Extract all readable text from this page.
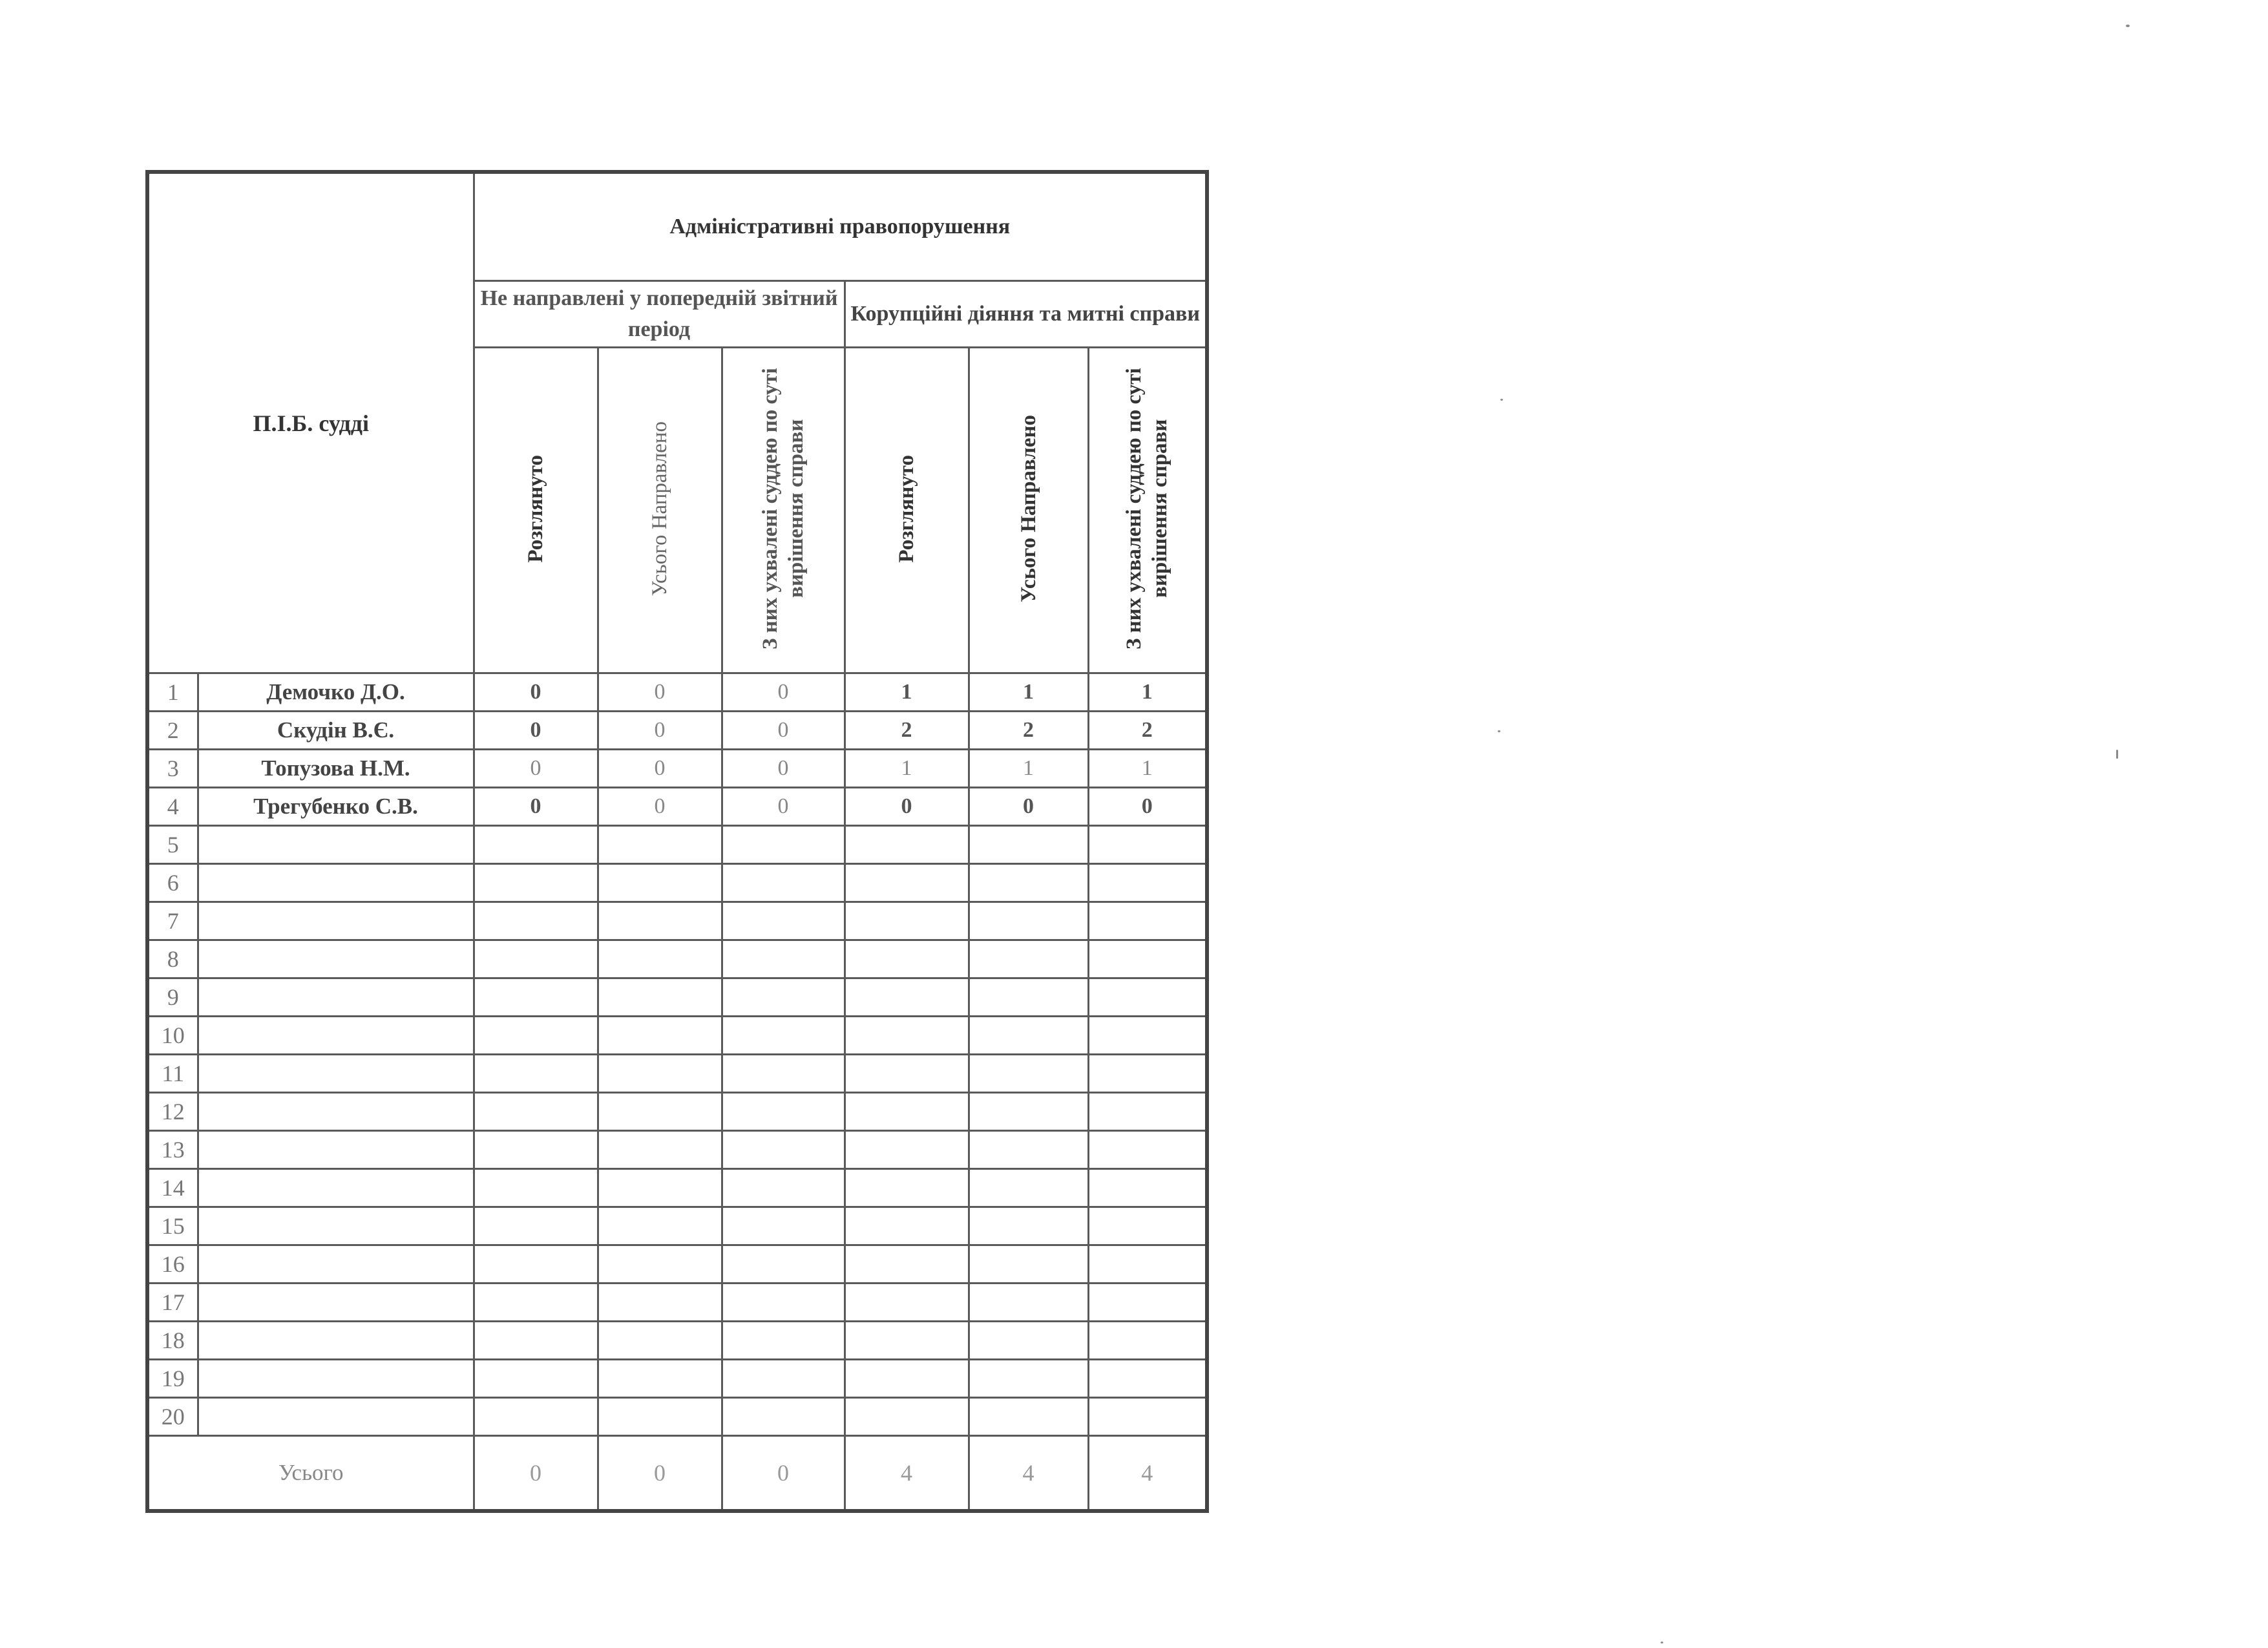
П.І.Б. судді		Адміністративні правопорушення					
		Не направлені у попередній звітний період			Корупційні діяння та митні справи		
		Розглянуто	Усього Направлено	З них ухвалені суддею по суті вирішення справи	Розглянуто	Усього Направлено	З них ухвалені суддею по суті вирішення справи
1	Демочко Д.О.	0	0	0	1	1	1
2	Скудін В.Є.	0	0	0	2	2	2
3	Топузова Н.М.	0	0	0	1	1	1
4	Трегубенко С.В.	0	0	0	0	0	0
5							
6							
7							
8							
9							
10							
11							
12							
13							
14							
15							
16							
17							
18							
19							
20							
Усього		0	0	0	4	4	4
